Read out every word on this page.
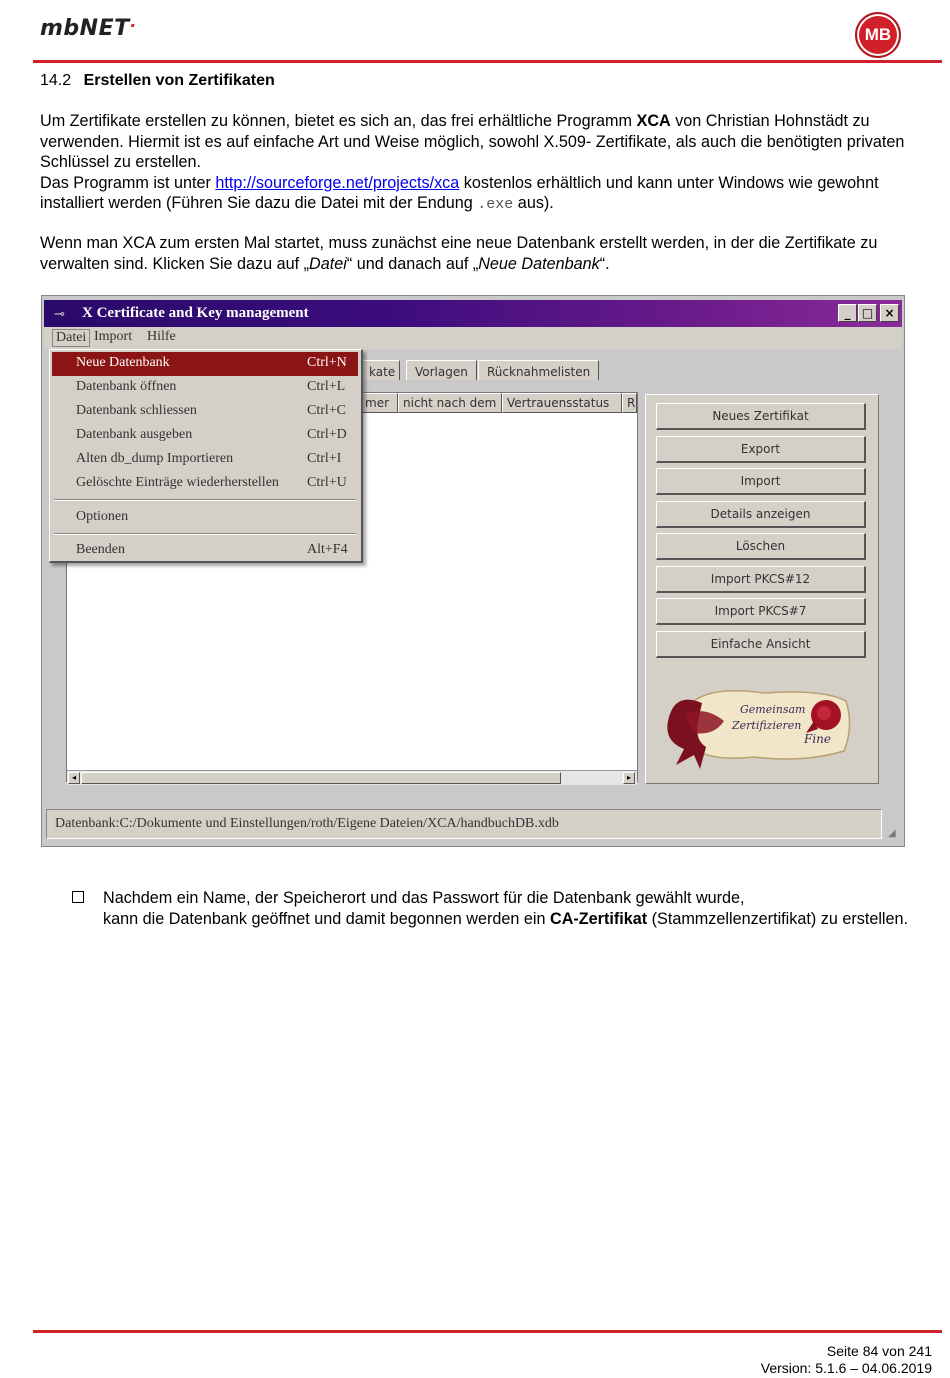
mbNET·	MB
14.2 Erstellen von Zertifikaten
Um Zertifikate erstellen zu können, bietet es sich an, das frei erhältliche Programm XCA von Christian Hohnstädt zu verwenden. Hiermit ist es auf einfache Art und Weise möglich, sowohl X.509- Zertifikate, als auch die benötigten privaten Schlüssel zu erstellen.
Das Programm ist unter http://sourceforge.net/projects/xca kostenlos erhältlich und kann unter Windows wie gewohnt installiert werden (Führen Sie dazu die Datei mit der Endung .exe aus).
Wenn man XCA zum ersten Mal startet, muss zunächst eine neue Datenbank erstellt werden, in der die Zertifikate zu verwalten sind. Klicken Sie dazu auf „Datei“ und danach auf „Neue Datenbank“.
⊸ X Certificate and Key management	_ □ ×
Datei Import Hilfe
kate	Vorlagen	Rücknahmelisten
mer	nicht nach dem Vertrauensstatus	R
◂	▸
Neues Zertifikat
Export
Import
Details anzeigen
Löschen
Import PKCS#12
Import PKCS#7
Einfache Ansicht
Gemeinsam
Zertifizieren
Fine
Datenbank:C:/Dokumente und Einstellungen/roth/Eigene Dateien/XCA/handbuchDB.xdb
◢
Neue Datenbank	Ctrl+N
Datenbank öffnen	Ctrl+L
Datenbank schliessen	Ctrl+C
Datenbank ausgeben	Ctrl+D
Alten db_dump Importieren	Ctrl+I
Gelöschte Einträge wiederherstellen Ctrl+U
Optionen
Beenden	Alt+F4
Nachdem ein Name, der Speicherort und das Passwort für die Datenbank gewählt wurde,
kann die Datenbank geöffnet und damit begonnen werden ein CA-Zertifikat (Stammzellenzertifikat) zu erstellen.
Seite 84 von 241
Version: 5.1.6 – 04.06.2019
